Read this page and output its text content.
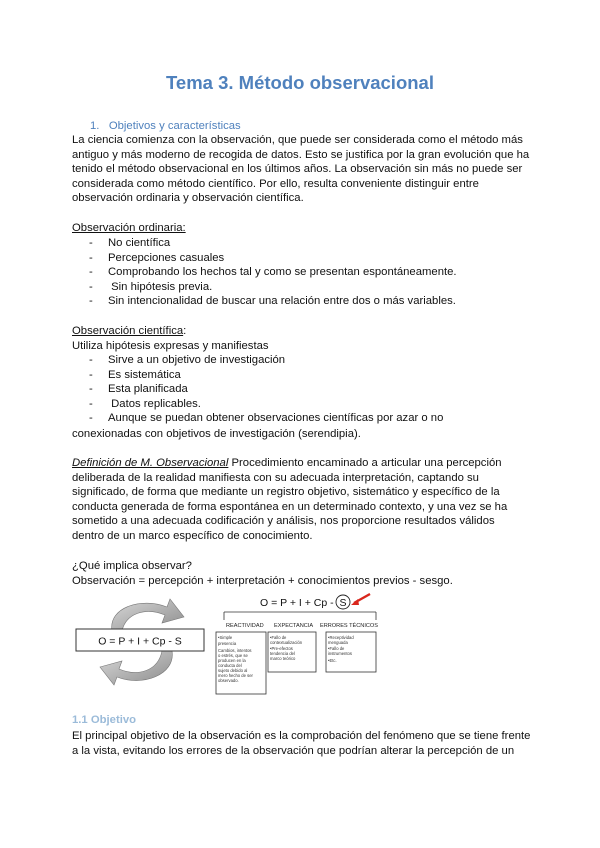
Tema 3. Método observacional
1.   Objetivos y características
La ciencia comienza con la observación, que puede ser considerada como el método más
antiguo y más moderno de recogida de datos. Esto se justifica por la gran evolución que ha
tenido el método observacional en los últimos años. La observación sin más no puede ser
considerada como método científico. Por ello, resulta conveniente distinguir entre
observación ordinaria y observación científica.
Observación ordinaria:
- No científica
- Percepciones casuales
- Comprobando los hechos tal y como se presentan espontáneamente.
-  Sin hipótesis previa.
- Sin intencionalidad de buscar una relación entre dos o más variables.
Observación científica:
Utiliza hipótesis expresas y manifiestas
- Sirve a un objetivo de investigación
- Es sistemática
- Esta planificada
-  Datos replicables.
- Aunque se puedan obtener observaciones científicas por azar o no
conexionadas con objetivos de investigación (serendipia).
Definición de M. Observacional Procedimiento encaminado a articular una percepción
deliberada de la realidad manifiesta con su adecuada interpretación, captando su
significado, de forma que mediante un registro objetivo, sistemático y específico de la
conducta generada de forma espontánea en un determinado contexto, y una vez se ha
sometido a una adecuada codificación y análisis, nos proporcione resultados válidos
dentro de un marco específico de conocimiento.
¿Qué implica observar?
Observación = percepción + interpretación + conocimientos previos - sesgo.
O = P + I + Cp - S
O = P + I + Cp - S
REACTIVIDAD EXPECTANCIA ERRORES TÉCNICOS
•Simple
presencia
Cambios, intentos
o estrés, que se
producen en la
conducta del
sujeto debido al
mero hecho de ser
observado.
•Fallo de
contextualización
•Pre-efectos
tendencia del
marco teórico
•Receptividad
menguada
•Fallo de
instrumentos
•Etc.
1.1 Objetivo
El principal objetivo de la observación es la comprobación del fenómeno que se tiene frente
a la vista, evitando los errores de la observación que podrían alterar la percepción de un
